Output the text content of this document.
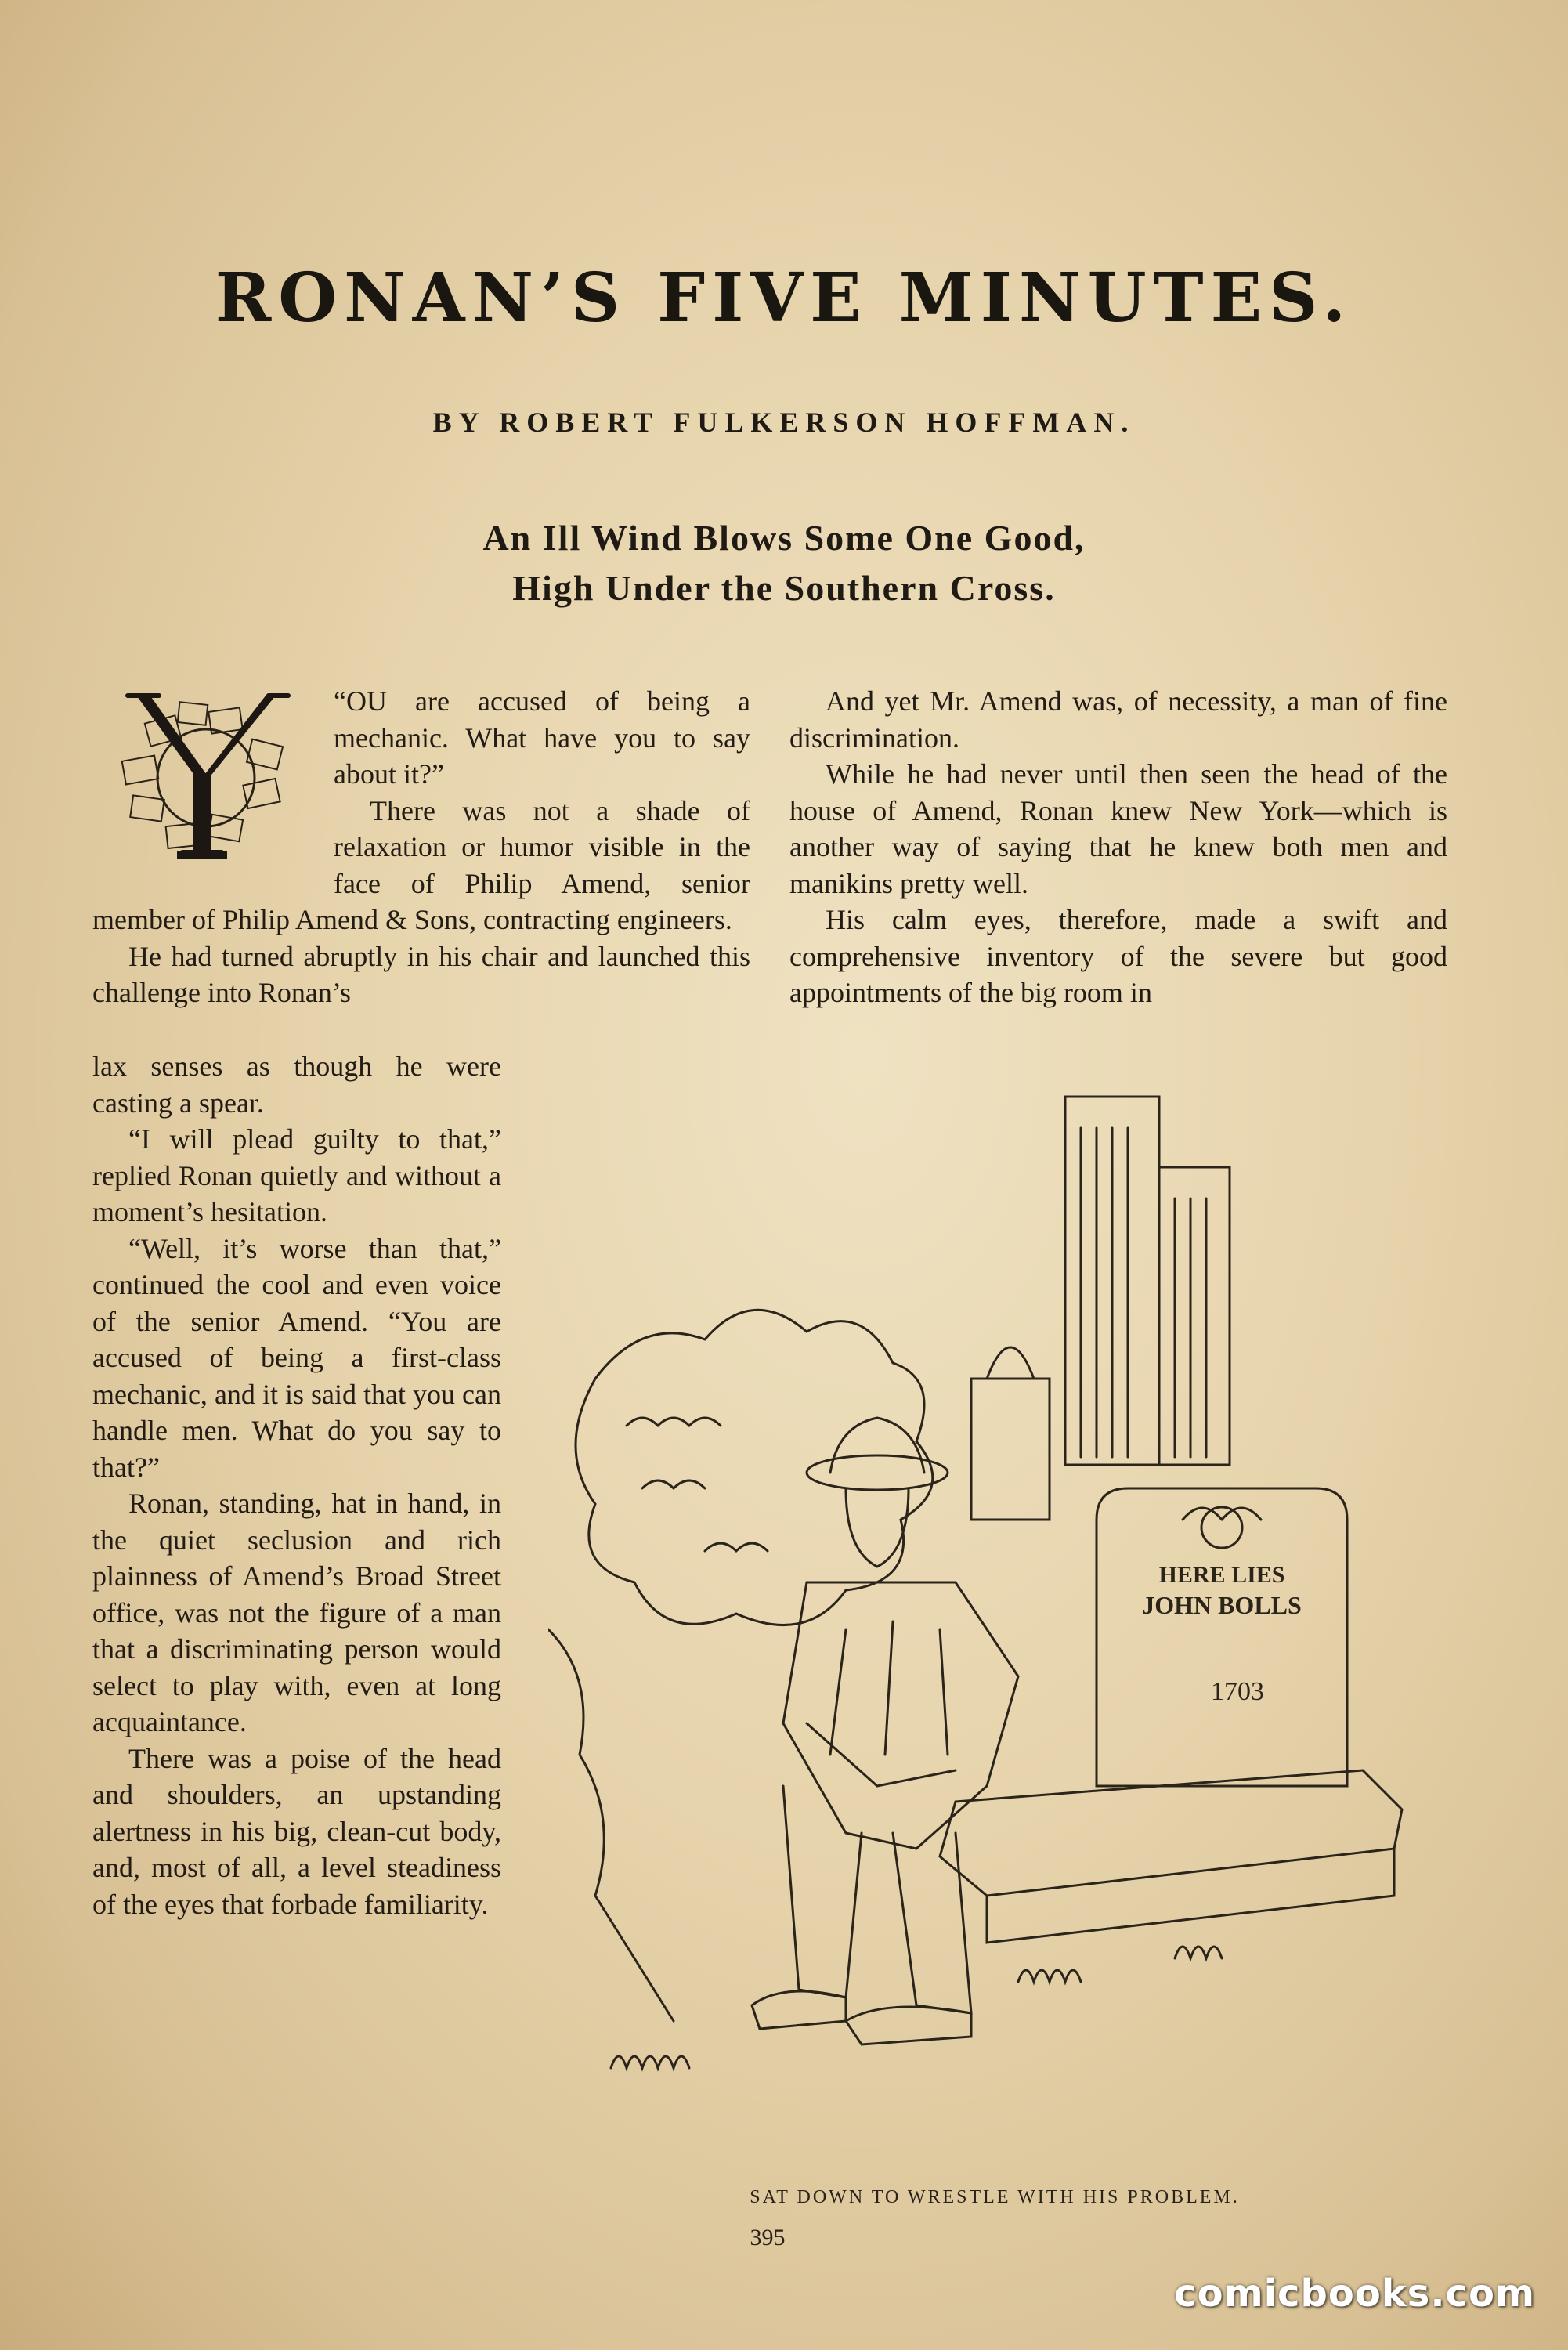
RONAN’S FIVE MINUTES.
BY ROBERT FULKERSON HOFFMAN.
An Ill Wind Blows Some One Good,
High Under the Southern Cross.

“OU are accused of being a mechanic. What have you to say about it?”

There was not a shade of relaxation or humor visible in the face of Philip Amend, senior member of Philip Amend & Sons, contracting engineers.

He had turned abruptly in his chair and launched this challenge into Ronan’s

lax senses as though he were casting a spear.

“I will plead guilty to that,” replied Ronan quietly and without a moment’s hesitation.

“Well, it’s worse than that,” continued the cool and even voice of the senior Amend. “You are accused of being a first-class mechanic, and it is said that you can handle men. What do you say to that?”

Ronan, standing, hat in hand, in the quiet seclusion and rich plainness of Amend’s Broad Street office, was not the figure of a man that a discriminating person would select to play with, even at long acquaintance.

There was a poise of the head and shoulders, an upstanding alertness in his big, clean-cut body, and, most of all, a level steadiness of the eyes that forbade familiarity.

And yet Mr. Amend was, of necessity, a man of fine discrimination.

While he had never until then seen the head of the house of Amend, Ronan knew New York—which is another way of saying that he knew both men and manikins pretty well.

His calm eyes, therefore, made a swift and comprehensive inventory of the severe but good appointments of the big room in

HERE LIES
JOHN BOLLS
1703
SAT DOWN TO WRESTLE WITH HIS PROBLEM.
395
comicbooks.com
